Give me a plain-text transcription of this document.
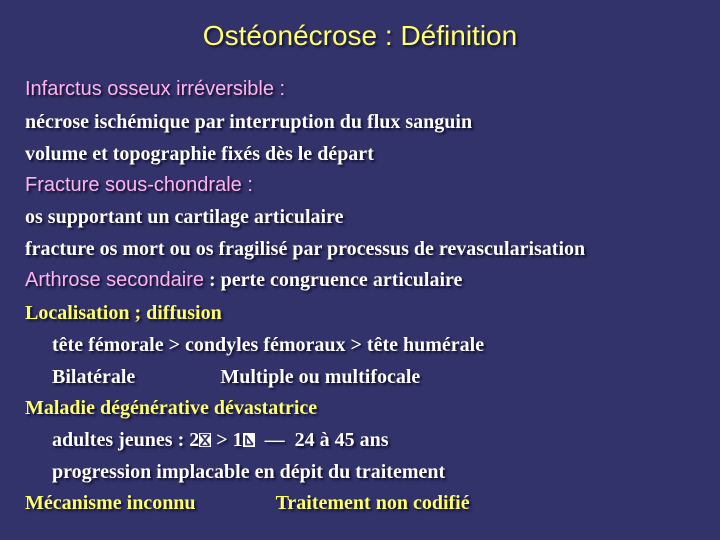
Ostéonécrose : Définition
Infarctus osseux irréversible :
nécrose ischémique par interruption du flux sanguin
volume et topographie fixés dès le départ
Fracture sous-chondrale :
os supportant un cartilage articulaire
fracture os mort ou os fragilisé par processus de revascularisation
Arthrose secondaire : perte congruence articulaire
Localisation ; diffusion
tête fémorale > condyles fémoraux > tête humérale
Bilatérale	Multiple ou multifocale
Maladie dégénérative dévastatrice
adultes jeunes : 2 > 1  —  24 à 45 ans
progression implacable en dépit du traitement
Mécanisme inconnu	Traitement non codifié
